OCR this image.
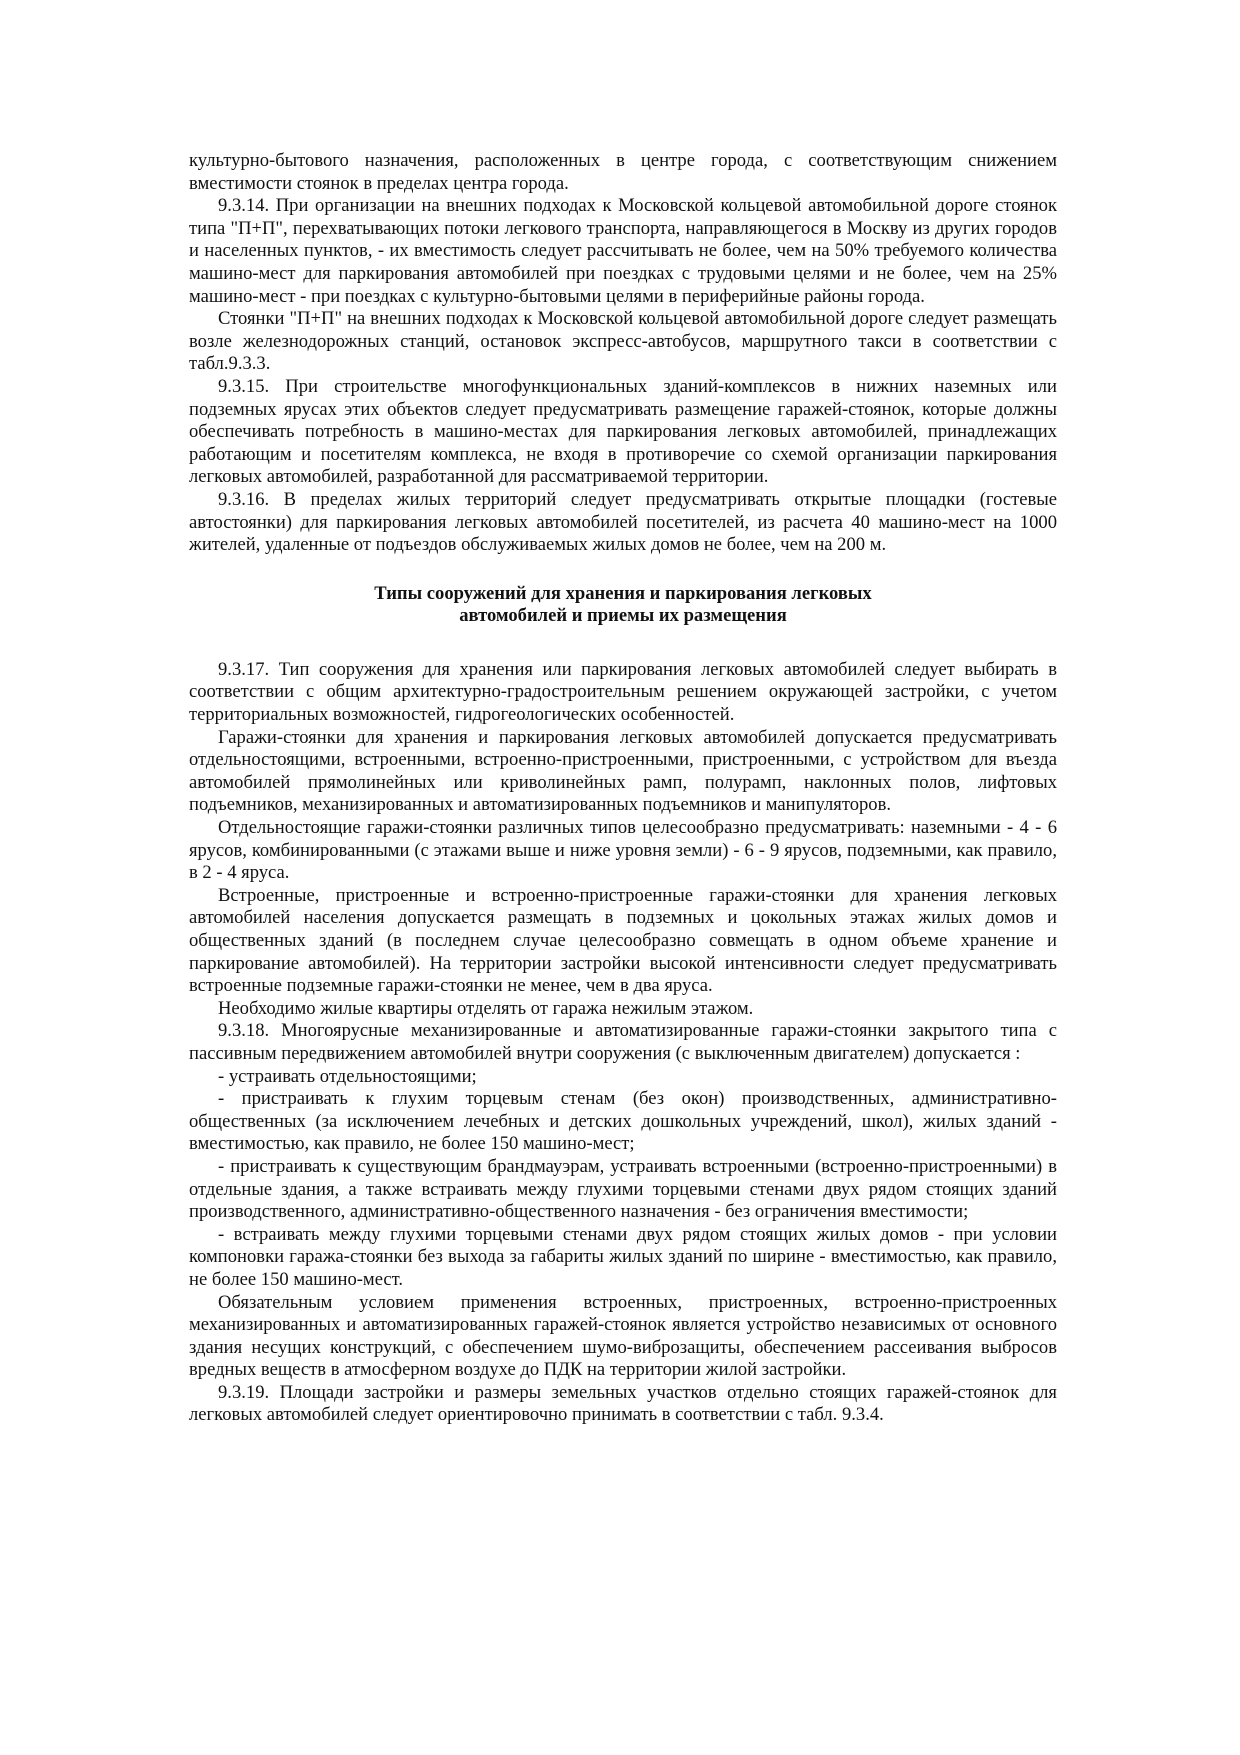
культурно-бытового назначения, расположенных в центре города, с соответствующим снижением вместимости стоянок в пределах центра города.

9.3.14. При организации на внешних подходах к Московской кольцевой автомобильной дороге стоянок типа "П+П", перехватывающих потоки легкового транспорта, направляющегося в Москву из других городов и населенных пунктов, - их вместимость следует рассчитывать не более, чем на 50% требуемого количества машино-мест для паркирования автомобилей при поездках с трудовыми целями и не более, чем на 25% машино-мест - при поездках с культурно-бытовыми целями в периферийные районы города.

Стоянки "П+П" на внешних подходах к Московской кольцевой автомобильной дороге следует размещать возле железнодорожных станций, остановок экспресс-автобусов, маршрутного такси в соответствии с табл.9.3.3.

9.3.15. При строительстве многофункциональных зданий-комплексов в нижних наземных или подземных ярусах этих объектов следует предусматривать размещение гаражей-стоянок, которые должны обеспечивать потребность в машино-местах для паркирования легковых автомобилей, принадлежащих работающим и посетителям комплекса, не входя в противоречие со схемой организации паркирования легковых автомобилей, разработанной для рассматриваемой территории.

9.3.16. В пределах жилых территорий следует предусматривать открытые площадки (гостевые автостоянки) для паркирования легковых автомобилей посетителей, из расчета 40 машино-мест на 1000 жителей, удаленные от подъездов обслуживаемых жилых домов не более, чем на 200 м.

Типы сооружений для хранения и паркирования легковых
автомобилей и приемы их размещения

9.3.17. Тип сооружения для хранения или паркирования легковых автомобилей следует выбирать в соответствии с общим архитектурно-градостроительным решением окружающей застройки, с учетом территориальных возможностей, гидрогеологических особенностей.

Гаражи-стоянки для хранения и паркирования легковых автомобилей допускается предусматривать отдельностоящими, встроенными, встроенно-пристроенными, пристроенными, с устройством для въезда автомобилей прямолинейных или криволинейных рамп, полурамп, наклонных полов, лифтовых подъемников, механизированных и автоматизированных подъемников и манипуляторов.

Отдельностоящие гаражи-стоянки различных типов целесообразно предусматривать: наземными - 4 - 6 ярусов, комбинированными (с этажами выше и ниже уровня земли) - 6 - 9 ярусов, подземными, как правило, в 2 - 4 яруса.

Встроенные, пристроенные и встроенно-пристроенные гаражи-стоянки для хранения легковых автомобилей населения допускается размещать в подземных и цокольных этажах жилых домов и общественных зданий (в последнем случае целесообразно совмещать в одном объеме хранение и паркирование автомобилей). На территории застройки высокой интенсивности следует предусматривать встроенные подземные гаражи-стоянки не менее, чем в два яруса.

Необходимо жилые квартиры отделять от гаража нежилым этажом.

9.3.18. Многоярусные механизированные и автоматизированные гаражи-стоянки закрытого типа с пассивным передвижением автомобилей внутри сооружения (с выключенным двигателем) допускается :

- устраивать отдельностоящими;

- пристраивать к глухим торцевым стенам (без окон) производственных, административно-общественных (за исключением лечебных и детских дошкольных учреждений, школ), жилых зданий - вместимостью, как правило, не более 150 машино-мест;

- пристраивать к существующим брандмауэрам, устраивать встроенными (встроенно-пристроенными) в отдельные здания, а также встраивать между глухими торцевыми стенами двух рядом стоящих зданий производственного, административно-общественного назначения - без ограничения вместимости;

- встраивать между глухими торцевыми стенами двух рядом стоящих жилых домов - при условии компоновки гаража-стоянки без выхода за габариты жилых зданий по ширине - вместимостью, как правило, не более 150 машино-мест.

Обязательным условием применения встроенных, пристроенных, встроенно-пристроенных механизированных и автоматизированных гаражей-стоянок является устройство независимых от основного здания несущих конструкций, с обеспечением шумо-виброзащиты, обеспечением рассеивания выбросов вредных веществ в атмосферном воздухе до ПДК на территории жилой застройки.

9.3.19. Площади застройки и размеры земельных участков отдельно стоящих гаражей-стоянок для легковых автомобилей следует ориентировочно принимать в соответствии с табл. 9.3.4.
